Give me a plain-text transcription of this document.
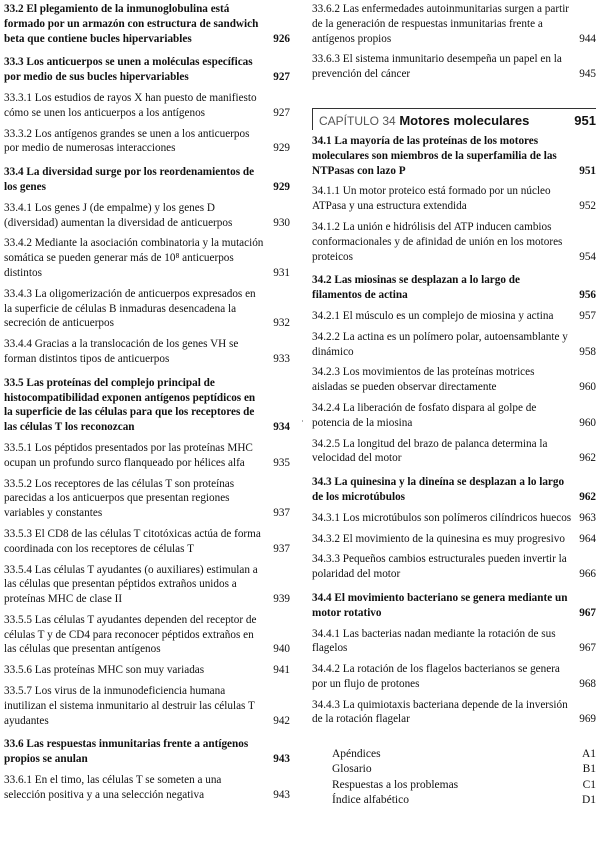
33.2 El plegamiento de la inmunoglobulina está formado por un armazón con estructura de sandwich beta que contiene bucles hipervariables	926
33.3 Los anticuerpos se unen a moléculas específicas por medio de sus bucles hipervariables	927
33.3.1 Los estudios de rayos X han puesto de manifiesto cómo se unen los anticuerpos a los antígenos	927
33.3.2 Los antígenos grandes se unen a los anticuerpos por medio de numerosas interacciones	929
33.4 La diversidad surge por los reordenamientos de los genes	929
33.4.1 Los genes J (de empalme) y los genes D (diversidad) aumentan la diversidad de anticuerpos	930
33.4.2 Mediante la asociación combinatoria y la mutación somática se pueden generar más de 10⁸ anticuerpos distintos	931
33.4.3 La oligomerización de anticuerpos expresados en la superficie de células B inmaduras desencadena la secreción de anticuerpos	932
33.4.4 Gracias a la translocación de los genes VH se forman distintos tipos de anticuerpos	933
33.5 Las proteínas del complejo principal de histocompatibilidad exponen antígenos peptídicos en la superficie de las células para que los receptores de las células T los reconozcan	934
33.5.1 Los péptidos presentados por las proteínas MHC ocupan un profundo surco flanqueado por hélices alfa	935
33.5.2 Los receptores de las células T son proteínas parecidas a los anticuerpos que presentan regiones variables y constantes	937
33.5.3 El CD8 de las células T citotóxicas actúa de forma coordinada con los receptores de células T	937
33.5.4 Las células T ayudantes (o auxiliares) estimulan a las células que presentan péptidos extraños unidos a proteínas MHC de clase II	939
33.5.5 Las células T ayudantes dependen del receptor de células T y de CD4 para reconocer péptidos extraños en las células que presentan antígenos	940
33.5.6 Las proteínas MHC son muy variadas	941
33.5.7 Los virus de la inmunodeficiencia humana inutilizan el sistema inmunitario al destruir las células T ayudantes	942
33.6 Las respuestas inmunitarias frente a antígenos propios se anulan	943
33.6.1 En el timo, las células T se someten a una selección positiva y a una selección negativa	943
33.6.2 Las enfermedades autoinmunitarias surgen a partir de la generación de respuestas inmunitarias frente a antígenos propios	944
33.6.3 El sistema inmunitario desempeña un papel en la prevención del cáncer	945
CAPÍTULO 34 Motores moleculares	951
34.1 La mayoría de las proteínas de los motores moleculares son miembros de la superfamilia de las NTPasas con lazo P	951
34.1.1 Un motor proteico está formado por un núcleo ATPasa y una estructura extendida	952
34.1.2 La unión e hidrólisis del ATP inducen cambios conformacionales y de afinidad de unión en los motores proteicos	954
34.2 Las miosinas se desplazan a lo largo de filamentos de actina	956
34.2.1 El músculo es un complejo de miosina y actina	957
34.2.2 La actina es un polímero polar, autoensamblante y dinámico	958
34.2.3 Los movimientos de las proteínas motrices aisladas se pueden observar directamente	960
34.2.4 La liberación de fosfato dispara al golpe de potencia de la miosina	960
34.2.5 La longitud del brazo de palanca determina la velocidad del motor	962
34.3 La quinesina y la dineína se desplazan a lo largo de los microtúbulos	962
34.3.1 Los microtúbulos son polímeros cilíndricos huecos 963
34.3.2 El movimiento de la quinesina es muy progresivo	964
34.3.3 Pequeños cambios estructurales pueden invertir la polaridad del motor	966
34.4 El movimiento bacteriano se genera mediante un motor rotativo	967
34.4.1 Las bacterias nadan mediante la rotación de sus flagelos	967
34.4.2 La rotación de los flagelos bacterianos se genera por un flujo de protones	968
34.4.3 La quimiotaxis bacteriana depende de la inversión de la rotación flagelar	969
Apéndices	A1
Glosario	B1
Respuestas a los problemas	C1
Índice alfabético	D1
